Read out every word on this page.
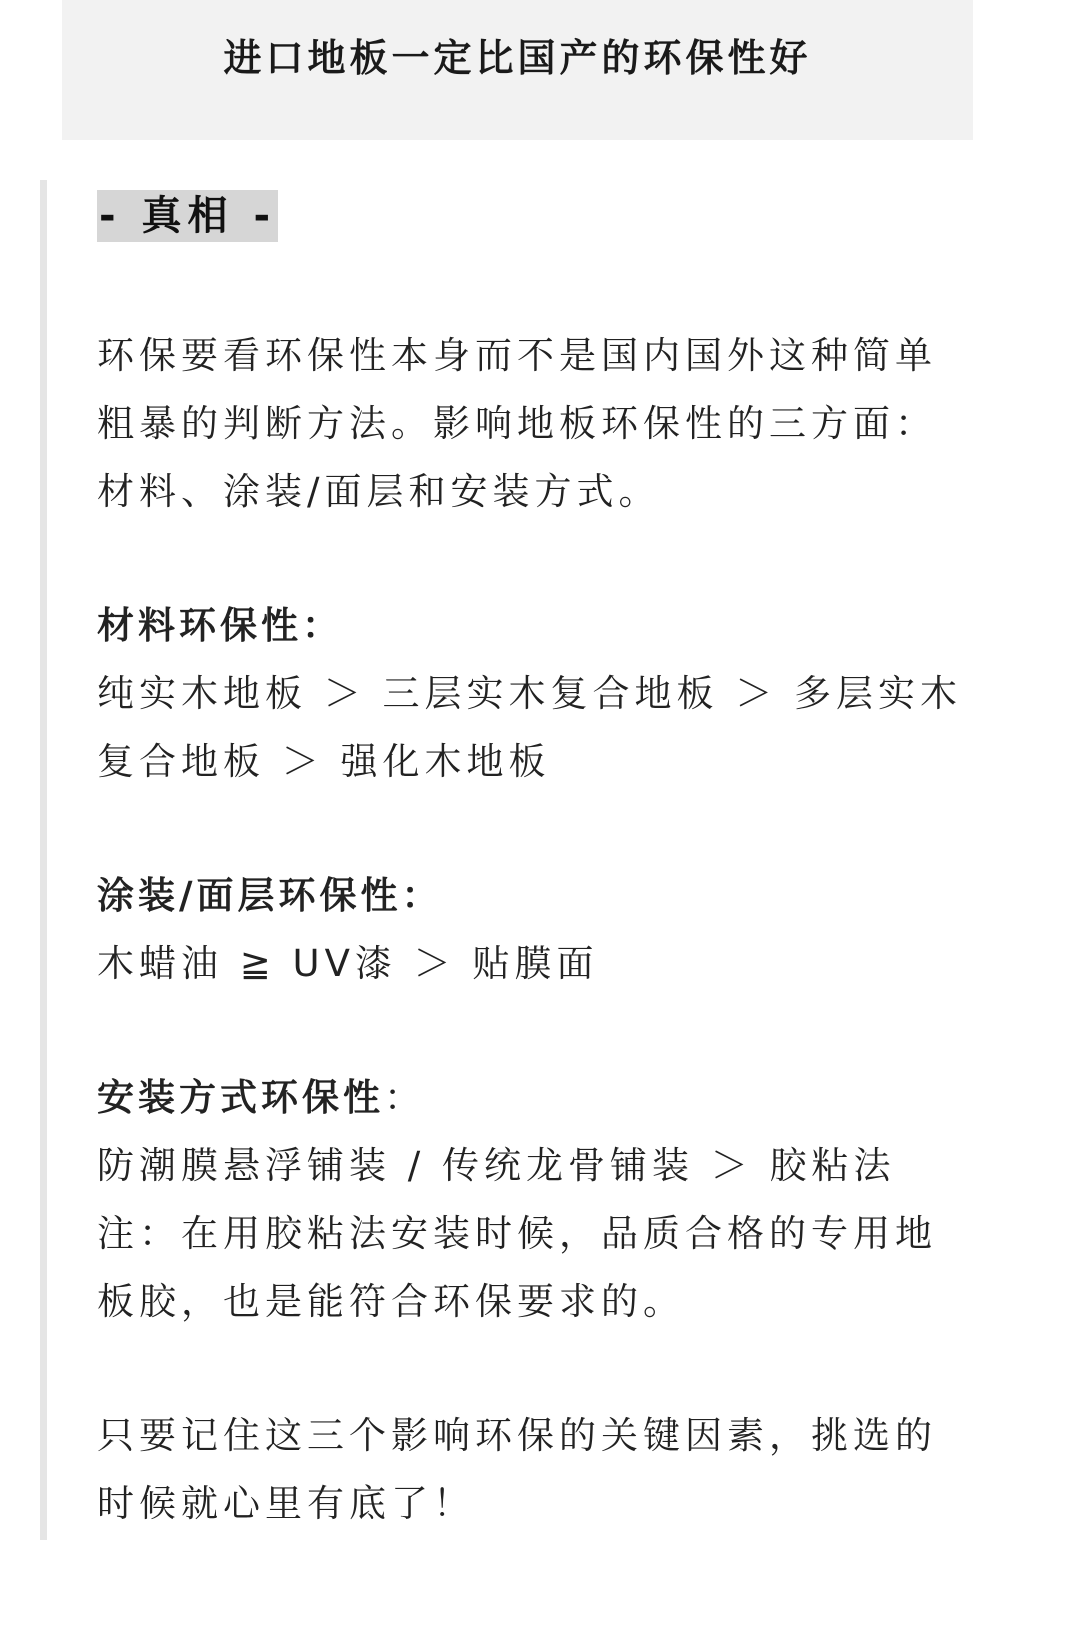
进口地板一定比国产的环保性好
- 真相 -

环保要看环保性本身而不是国内国外这种简单粗暴的判断方法。影响地板环保性的三方面：材料、涂装/面层和安装方式。

材料环保性：

纯实木地板 ＞ 三层实木复合地板 ＞ 多层实木复合地板 ＞ 强化木地板

涂装/面层环保性：

木蜡油 ≧ UV漆 ＞ 贴膜面

安装方式环保性：

防潮膜悬浮铺装 / 传统龙骨铺装 ＞ 胶粘法

注：在用胶粘法安装时候，品质合格的专用地板胶，也是能符合环保要求的。

只要记住这三个影响环保的关键因素，挑选的时候就心里有底了！
